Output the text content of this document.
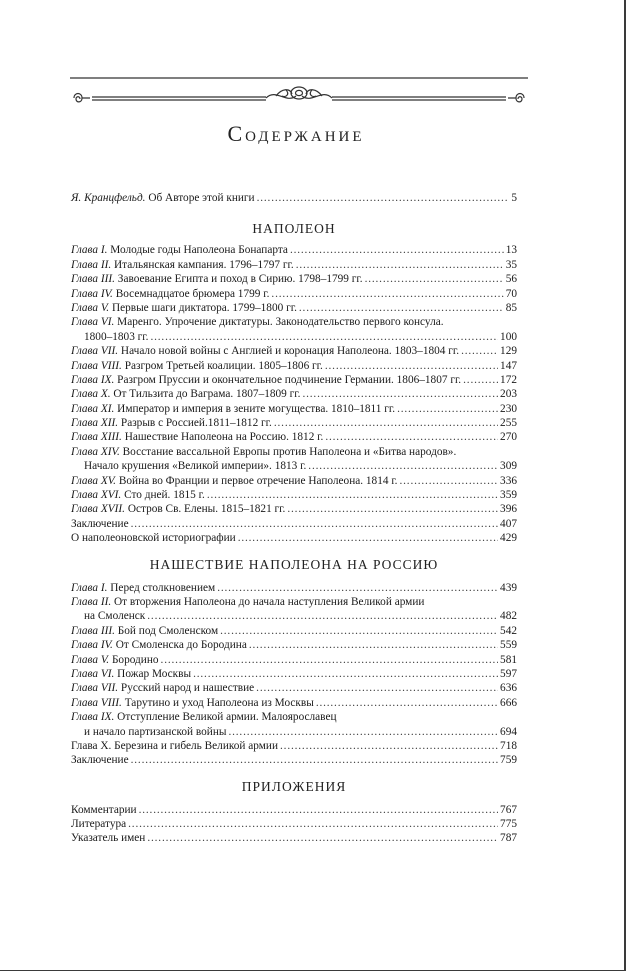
Содержание
Я. Кранцфельд. Об Авторе этой книги . . .	5
НАПОЛЕОН
Глава I. Молодые годы Наполеона Бонапарта . . .	13
Глава II. Итальянская кампания. 1796–1797 гг. . . .	35
Глава III. Завоевание Египта и поход в Сирию. 1798–1799 гг. . . .	56
Глава IV. Восемнадцатое брюмера 1799 г. . . .	70
Глава V. Первые шаги диктатора. 1799–1800 гг. . . .	85
Глава VI. Маренго. Упрочение диктатуры. Законодательство первого консула.
1800–1803 гг. . . .	100
Глава VII. Начало новой войны с Англией и коронация Наполеона. 1803–1804 гг. . . .	129
Глава VIII. Разгром Третьей коалиции. 1805–1806 гг. . . .	147
Глава IX. Разгром Пруссии и окончательное подчинение Германии. 1806–1807 гг. . . .	172
Глава X. От Тильзита до Ваграма. 1807–1809 гг. . . .	203
Глава XI. Император и империя в зените могущества. 1810–1811 гг. . . .	230
Глава XII. Разрыв с Россией.1811–1812 гг. . . .	255
Глава XIII. Нашествие Наполеона на Россию. 1812 г. . . .	270
Глава XIV. Восстание вассальной Европы против Наполеона и «Битва народов».
Начало крушения «Великой империи». 1813 г. . . .	309
Глава XV. Война во Франции и первое отречение Наполеона. 1814 г. . . .	336
Глава XVI. Сто дней. 1815 г. . . .	359
Глава XVII. Остров Св. Елены. 1815–1821 гг. . . .	396
Заключение . . .	407
О наполеоновской историографии . . .	429
НАШЕСТВИЕ НАПОЛЕОНА НА РОССИЮ
Глава I. Перед столкновением . . .	439
Глава II. От вторжения Наполеона до начала наступления Великой армии
на Смоленск . . .	482
Глава III. Бой под Смоленском . . .	542
Глава IV. От Смоленска до Бородина . . .	559
Глава V. Бородино . . .	581
Глава VI. Пожар Москвы . . .	597
Глава VII. Русский народ и нашествие . . .	636
Глава VIII. Тарутино и уход Наполеона из Москвы . . .	666
Глава IX. Отступление Великой армии. Малоярославец
и начало партизанской войны . . .	694
Глава Х. Березина и гибель Великой армии . . .	718
Заключение . . .	759
ПРИЛОЖЕНИЯ
Комментарии . . .	767
Литература . . .	775
Указатель имен . . .	787
